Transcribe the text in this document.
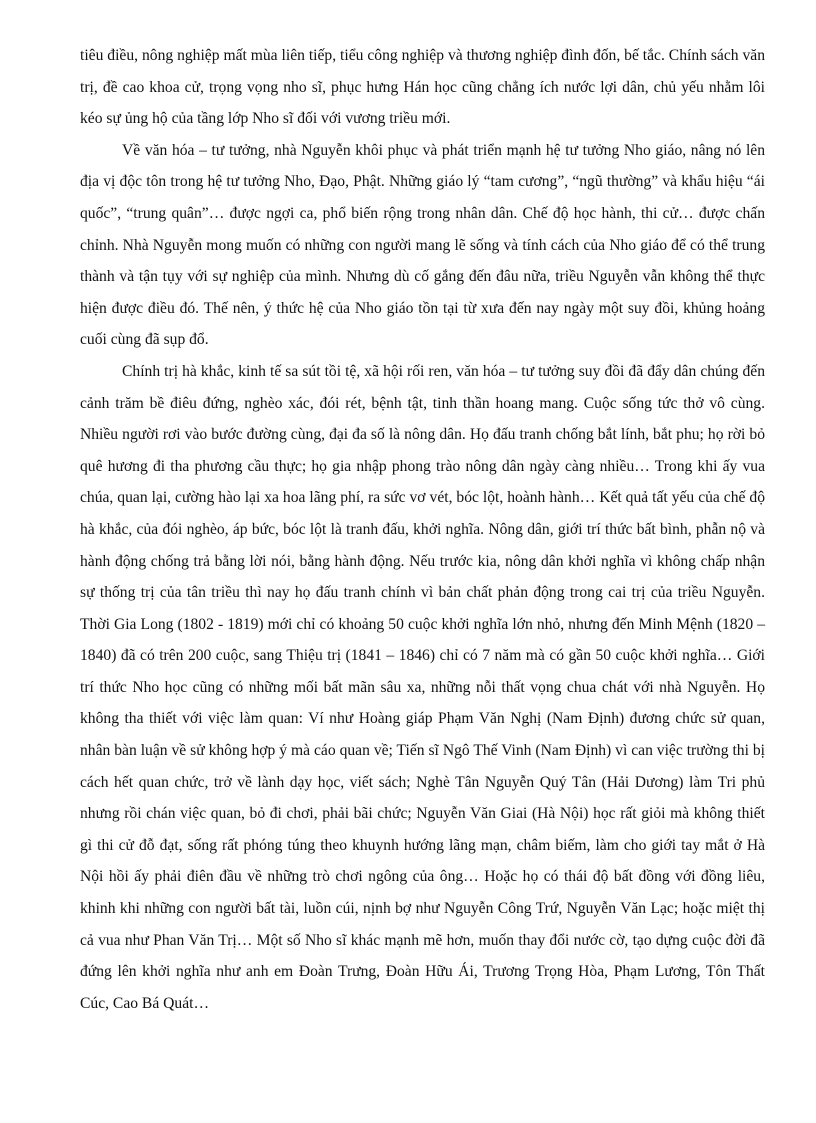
tiêu điều, nông nghiệp mất mùa liên tiếp, tiểu công nghiệp và thương nghiệp đình đốn, bế tắc. Chính sách văn trị, đề cao khoa cử, trọng vọng nho sĩ, phục hưng Hán học cũng chẳng ích nước lợi dân, chủ yếu nhằm lôi kéo sự ủng hộ của tầng lớp Nho sĩ đối với vương triều mới.

Về văn hóa – tư tưởng, nhà Nguyễn khôi phục và phát triển mạnh hệ tư tưởng Nho giáo, nâng nó lên địa vị độc tôn trong hệ tư tưởng Nho, Đạo, Phật. Những giáo lý “tam cương”, “ngũ thường” và khẩu hiệu “ái quốc”, “trung quân”… được ngợi ca, phổ biến rộng trong nhân dân. Chế độ học hành, thi cử… được chấn chỉnh. Nhà Nguyễn mong muốn có những con người mang lẽ sống và tính cách của Nho giáo để có thể trung thành và tận tụy với sự nghiệp của mình. Nhưng dù cố gắng đến đâu nữa, triều Nguyễn vẫn không thể thực hiện được điều đó. Thế nên, ý thức hệ của Nho giáo tồn tại từ xưa đến nay ngày một suy đồi, khủng hoảng cuối cùng đã sụp đổ.

Chính trị hà khắc, kinh tế sa sút tồi tệ, xã hội rối ren, văn hóa – tư tưởng suy đồi đã đẩy dân chúng đến cảnh trăm bề điêu đứng, nghèo xác, đói rét, bệnh tật, tinh thần hoang mang. Cuộc sống tức thở vô cùng. Nhiều người rơi vào bước đường cùng, đại đa số là nông dân. Họ đấu tranh chống bắt lính, bắt phu; họ rời bỏ quê hương đi tha phương cầu thực; họ gia nhập phong trào nông dân ngày càng nhiều… Trong khi ấy vua chúa, quan lại, cường hào lại xa hoa lãng phí, ra sức vơ vét, bóc lột, hoành hành… Kết quả tất yếu của chế độ hà khắc, của đói nghèo, áp bức, bóc lột là tranh đấu, khởi nghĩa. Nông dân, giới trí thức bất bình, phẫn nộ và hành động chống trả bằng lời nói, bằng hành động. Nếu trước kia, nông dân khởi nghĩa vì không chấp nhận sự thống trị của tân triều thì nay họ đấu tranh chính vì bản chất phản động trong cai trị của triều Nguyễn. Thời Gia Long (1802 - 1819) mới chỉ có khoảng 50 cuộc khởi nghĩa lớn nhỏ, nhưng đến Minh Mệnh (1820 – 1840) đã có trên 200 cuộc, sang Thiệu trị (1841 – 1846) chỉ có 7 năm mà có gần 50 cuộc khởi nghĩa… Giới trí thức Nho học cũng có những mối bất mãn sâu xa, những nỗi thất vọng chua chát với nhà Nguyễn. Họ không tha thiết với việc làm quan: Ví như Hoàng giáp Phạm Văn Nghị (Nam Định) đương chức sử quan, nhân bàn luận về sử không hợp ý mà cáo quan về; Tiến sĩ Ngô Thế Vinh (Nam Định) vì can việc trường thi bị cách hết quan chức, trở về lành dạy học, viết sách; Nghè Tân Nguyễn Quý Tân (Hải Dương) làm Tri phủ nhưng rồi chán việc quan, bỏ đi chơi, phải bãi chức; Nguyễn Văn Giai (Hà Nội) học rất giỏi mà không thiết gì thi cử đỗ đạt, sống rất phóng túng theo khuynh hướng lãng mạn, châm biếm, làm cho giới tay mắt ở Hà Nội hồi ấy phải điên đầu về những trò chơi ngông của ông… Hoặc họ có thái độ bất đồng với đồng liêu, khinh khi những con người bất tài, luồn cúi, nịnh bợ như Nguyễn Công Trứ, Nguyễn Văn Lạc; hoặc miệt thị cả vua như Phan Văn Trị… Một số Nho sĩ khác mạnh mẽ hơn, muốn thay đổi nước cờ, tạo dựng cuộc đời đã đứng lên khởi nghĩa như anh em Đoàn Trưng, Đoàn Hữu Ái, Trương Trọng Hòa, Phạm Lương, Tôn Thất Cúc, Cao Bá Quát…
